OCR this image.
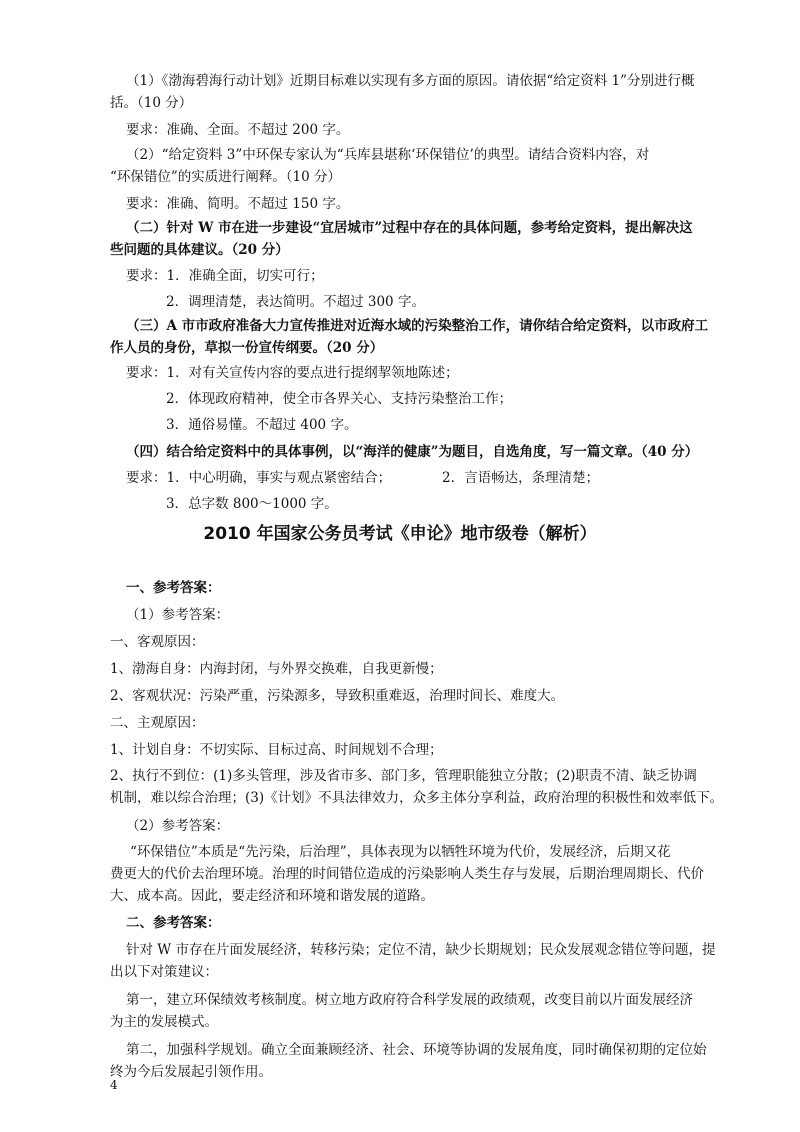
（1）《渤海碧海行动计划》近期目标难以实现有多方面的原因。请依据“给定资料 1”分别进行概
括。（10 分）
要求：准确、全面。不超过 200 字。
（2）“给定资料 3”中环保专家认为“兵库县堪称‘环保错位’的典型。请结合资料内容，对
“环保错位”的实质进行阐释。（10 分）
要求：准确、简明。不超过 150 字。
（二）针对 W 市在进一步建设“宜居城市”过程中存在的具体问题，参考给定资料，提出解决这
些问题的具体建议。（20 分）
要求：1．准确全面，切实可行；
2．调理清楚，表达简明。不超过 300 字。
（三）A 市市政府准备大力宣传推进对近海水域的污染整治工作，请你结合给定资料，以市政府工
作人员的身份，草拟一份宣传纲要。（20 分）
要求：1．对有关宣传内容的要点进行提纲挈领地陈述；
2．体现政府精神，使全市各界关心、支持污染整治工作；
3．通俗易懂。不超过 400 字。
（四）结合给定资料中的具体事例，以“海洋的健康”为题目，自选角度，写一篇文章。（40 分）
要求：1．中心明确，事实与观点紧密结合；	2．言语畅达，条理清楚；
3．总字数 800～1000 字。
2010 年国家公务员考试《申论》地市级卷（解析）
一、参考答案：
（1）参考答案：
一、客观原因：
1、渤海自身：内海封闭，与外界交换难，自我更新慢；
2、客观状况：污染严重，污染源多，导致积重难返，治理时间长、难度大。
二、主观原因：
1、计划自身：不切实际、目标过高、时间规划不合理；
2、执行不到位：(1)多头管理，涉及省市多、部门多，管理职能独立分散；(2)职责不清、缺乏协调
机制，难以综合治理；(3)《计划》不具法律效力，众多主体分享利益，政府治理的积极性和效率低下。
（2）参考答案：
“环保错位”本质是“先污染，后治理”，具体表现为以牺牲环境为代价，发展经济，后期又花
费更大的代价去治理环境。治理的时间错位造成的污染影响人类生存与发展，后期治理周期长、代价
大、成本高。因此，要走经济和环境和谐发展的道路。
二、参考答案：
针对 W 市存在片面发展经济，转移污染；定位不清，缺少长期规划；民众发展观念错位等问题，提
出以下对策建议：
第一，建立环保绩效考核制度。树立地方政府符合科学发展的政绩观，改变目前以片面发展经济
为主的发展模式。
第二，加强科学规划。确立全面兼顾经济、社会、环境等协调的发展角度，同时确保初期的定位始
终为今后发展起引领作用。
4
